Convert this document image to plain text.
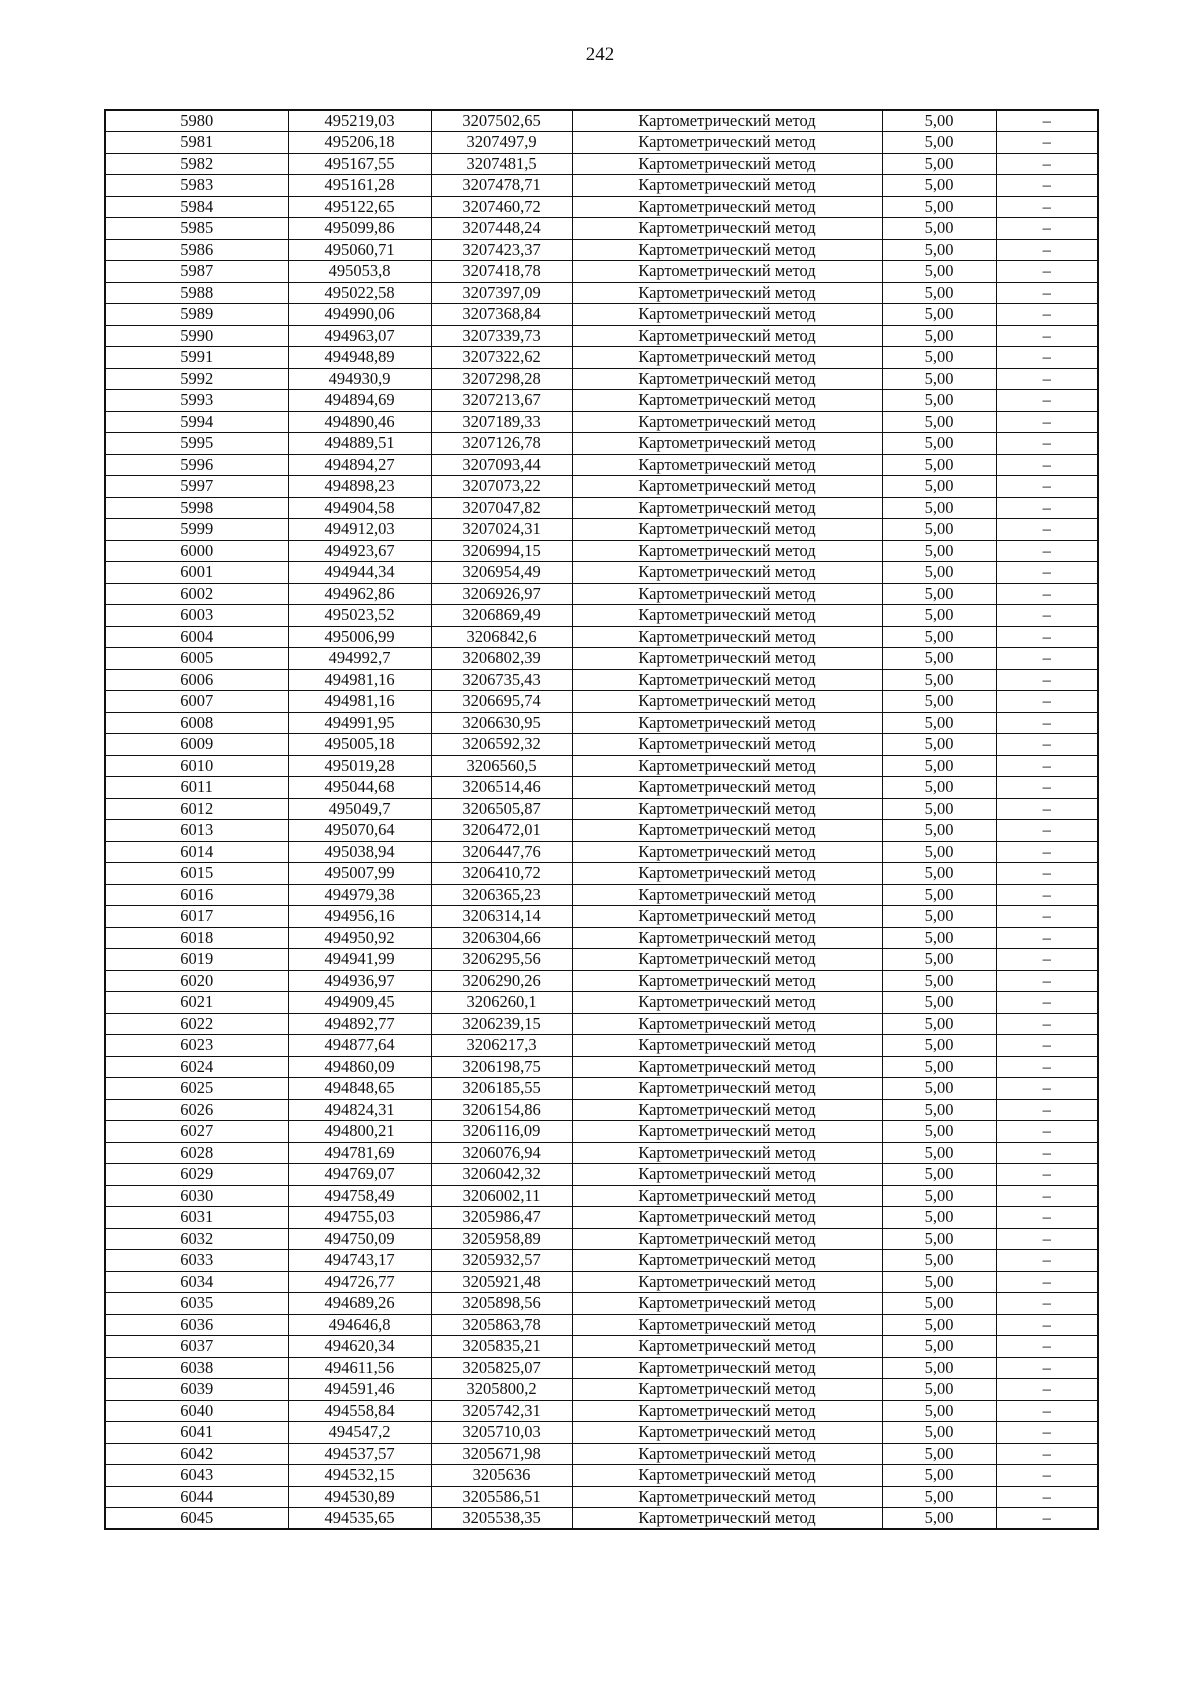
242
5980	495219,03	3207502,65	Картометрический метод	5,00	–
5981	495206,18	3207497,9	Картометрический метод	5,00	–
5982	495167,55	3207481,5	Картометрический метод	5,00	–
5983	495161,28	3207478,71	Картометрический метод	5,00	–
5984	495122,65	3207460,72	Картометрический метод	5,00	–
5985	495099,86	3207448,24	Картометрический метод	5,00	–
5986	495060,71	3207423,37	Картометрический метод	5,00	–
5987	495053,8	3207418,78	Картометрический метод	5,00	–
5988	495022,58	3207397,09	Картометрический метод	5,00	–
5989	494990,06	3207368,84	Картометрический метод	5,00	–
5990	494963,07	3207339,73	Картометрический метод	5,00	–
5991	494948,89	3207322,62	Картометрический метод	5,00	–
5992	494930,9	3207298,28	Картометрический метод	5,00	–
5993	494894,69	3207213,67	Картометрический метод	5,00	–
5994	494890,46	3207189,33	Картометрический метод	5,00	–
5995	494889,51	3207126,78	Картометрический метод	5,00	–
5996	494894,27	3207093,44	Картометрический метод	5,00	–
5997	494898,23	3207073,22	Картометрический метод	5,00	–
5998	494904,58	3207047,82	Картометрический метод	5,00	–
5999	494912,03	3207024,31	Картометрический метод	5,00	–
6000	494923,67	3206994,15	Картометрический метод	5,00	–
6001	494944,34	3206954,49	Картометрический метод	5,00	–
6002	494962,86	3206926,97	Картометрический метод	5,00	–
6003	495023,52	3206869,49	Картометрический метод	5,00	–
6004	495006,99	3206842,6	Картометрический метод	5,00	–
6005	494992,7	3206802,39	Картометрический метод	5,00	–
6006	494981,16	3206735,43	Картометрический метод	5,00	–
6007	494981,16	3206695,74	Картометрический метод	5,00	–
6008	494991,95	3206630,95	Картометрический метод	5,00	–
6009	495005,18	3206592,32	Картометрический метод	5,00	–
6010	495019,28	3206560,5	Картометрический метод	5,00	–
6011	495044,68	3206514,46	Картометрический метод	5,00	–
6012	495049,7	3206505,87	Картометрический метод	5,00	–
6013	495070,64	3206472,01	Картометрический метод	5,00	–
6014	495038,94	3206447,76	Картометрический метод	5,00	–
6015	495007,99	3206410,72	Картометрический метод	5,00	–
6016	494979,38	3206365,23	Картометрический метод	5,00	–
6017	494956,16	3206314,14	Картометрический метод	5,00	–
6018	494950,92	3206304,66	Картометрический метод	5,00	–
6019	494941,99	3206295,56	Картометрический метод	5,00	–
6020	494936,97	3206290,26	Картометрический метод	5,00	–
6021	494909,45	3206260,1	Картометрический метод	5,00	–
6022	494892,77	3206239,15	Картометрический метод	5,00	–
6023	494877,64	3206217,3	Картометрический метод	5,00	–
6024	494860,09	3206198,75	Картометрический метод	5,00	–
6025	494848,65	3206185,55	Картометрический метод	5,00	–
6026	494824,31	3206154,86	Картометрический метод	5,00	–
6027	494800,21	3206116,09	Картометрический метод	5,00	–
6028	494781,69	3206076,94	Картометрический метод	5,00	–
6029	494769,07	3206042,32	Картометрический метод	5,00	–
6030	494758,49	3206002,11	Картометрический метод	5,00	–
6031	494755,03	3205986,47	Картометрический метод	5,00	–
6032	494750,09	3205958,89	Картометрический метод	5,00	–
6033	494743,17	3205932,57	Картометрический метод	5,00	–
6034	494726,77	3205921,48	Картометрический метод	5,00	–
6035	494689,26	3205898,56	Картометрический метод	5,00	–
6036	494646,8	3205863,78	Картометрический метод	5,00	–
6037	494620,34	3205835,21	Картометрический метод	5,00	–
6038	494611,56	3205825,07	Картометрический метод	5,00	–
6039	494591,46	3205800,2	Картометрический метод	5,00	–
6040	494558,84	3205742,31	Картометрический метод	5,00	–
6041	494547,2	3205710,03	Картометрический метод	5,00	–
6042	494537,57	3205671,98	Картометрический метод	5,00	–
6043	494532,15	3205636	Картометрический метод	5,00	–
6044	494530,89	3205586,51	Картометрический метод	5,00	–
6045	494535,65	3205538,35	Картометрический метод	5,00	–
